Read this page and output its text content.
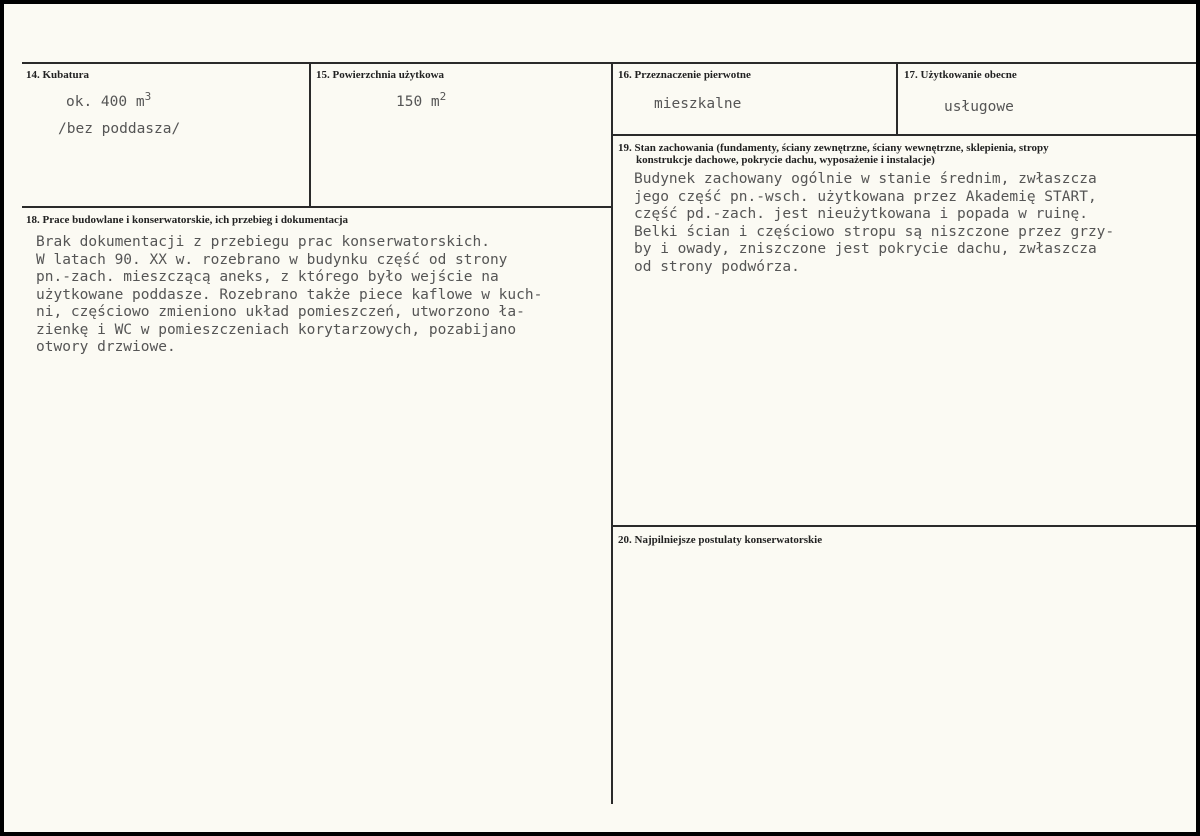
14. Kubatura
ok. 400 $m^3$
/bez poddasza/
15. Powierzchnia użytkowa
150 $m^2$
16. Przeznaczenie pierwotne
mieszkalne
17. Użytkowanie obecne
usługowe
18. Prace budowlane i konserwatorskie, ich przebieg i dokumentacja
Brak dokumentacji z przebiegu prac konserwatorskich.
W latach 90. XX w. rozebrano w budynku część od strony
pn.-zach. mieszczącą aneks, z którego było wejście na
użytkowane poddasze. Rozebrano także piece kaflowe w kuch-
ni, częściowo zmieniono układ pomieszczeń, utworzono ła-
zienkę i WC w pomieszczeniach korytarzowych, pozabijano
otwory drzwiowe.
19. Stan zachowania (fundamenty, ściany zewnętrzne, ściany wewnętrzne, sklepienia, stropy
konstrukcje dachowe, pokrycie dachu, wyposażenie i instalacje)
Budynek zachowany ogólnie w stanie średnim, zwłaszcza
jego część pn.-wsch. użytkowana przez Akademię START,
część pd.-zach. jest nieużytkowana i popada w ruinę.
Belki ścian i częściowo stropu są niszczone przez grzy-
by i owady, zniszczone jest pokrycie dachu, zwłaszcza
od strony podwórza.
20. Najpilniejsze postulaty konserwatorskie
